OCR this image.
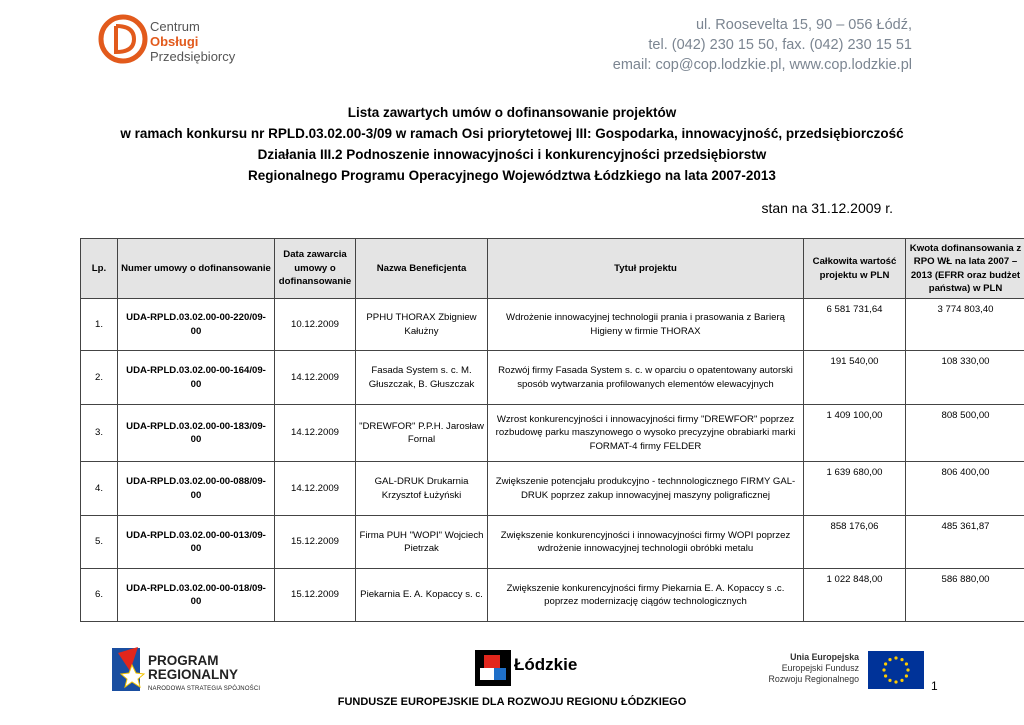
Centrum
Obsługi
Przedsiębiorcy
ul. Roosevelta 15, 90 – 056 Łódź,
tel. (042) 230 15 50, fax. (042) 230 15 51
email: cop@cop.lodzkie.pl, www.cop.lodzkie.pl
Lista zawartych umów o dofinansowanie projektów
w ramach konkursu nr RPLD.03.02.00-3/09 w ramach Osi priorytetowej III: Gospodarka, innowacyjność, przedsiębiorczość
Działania III.2 Podnoszenie innowacyjności i konkurencyjności przedsiębiorstw
Regionalnego Programu Operacyjnego Województwa Łódzkiego na lata 2007-2013
stan na 31.12.2009 r.
Lp.	Numer umowy o dofinansowanie	Data zawarcia umowy o dofinansowanie	Nazwa Beneficjenta	Tytuł projektu	Całkowita wartość projektu w PLN	Kwota dofinansowania z RPO WŁ na lata 2007 – 2013 (EFRR oraz budżet państwa) w PLN
1.	UDA-RPLD.03.02.00-00-220/09-00	10.12.2009	PPHU THORAX Zbigniew Kałużny	Wdrożenie innowacyjnej technologii prania i prasowania z Barierą Higieny w firmie THORAX	6 581 731,64	3 774 803,40
2.	UDA-RPLD.03.02.00-00-164/09-00	14.12.2009	Fasada System s. c. M. Głuszczak, B. Głuszczak	Rozwój firmy Fasada System s. c. w oparciu o opatentowany autorski sposób wytwarzania profilowanych elementów elewacyjnych	191 540,00	108 330,00
3.	UDA-RPLD.03.02.00-00-183/09-00	14.12.2009	"DREWFOR" P.P.H. Jarosław Fornal	Wzrost konkurencyjności i innowacyjności firmy "DREWFOR" poprzez rozbudowę parku maszynowego o wysoko precyzyjne obrabiarki marki FORMAT-4 firmy FELDER	1 409 100,00	808 500,00
4.	UDA-RPLD.03.02.00-00-088/09-00	14.12.2009	GAL-DRUK Drukarnia Krzysztof Łużyński	Zwiększenie potencjału produkcyjno - technnologicznego FIRMY GAL-DRUK poprzez zakup innowacyjnej maszyny poligraficznej	1 639 680,00	806 400,00
5.	UDA-RPLD.03.02.00-00-013/09-00	15.12.2009	Firma PUH "WOPI" Wojciech Pietrzak	Zwiększenie konkurencyjności i innowacyjności firmy WOPI poprzez wdrożenie innowacyjnej technologii obróbki metalu	858 176,06	485 361,87
6.	UDA-RPLD.03.02.00-00-018/09-00	15.12.2009	Piekarnia E. A. Kopaccy s. c.	Zwiększenie konkurencyjności firmy Piekarnia E. A. Kopaccy s .c. poprzez modernizację ciągów technologicznych	1 022 848,00	586 880,00
PROGRAM
REGIONALNY
NARODOWA STRATEGIA SPÓJNOŚCI
Łódzkie	Unia Europejska
Europejski Fundusz
Rozwoju Regionalnego	1
FUNDUSZE EUROPEJSKIE DLA ROZWOJU REGIONU ŁÓDZKIEGO
